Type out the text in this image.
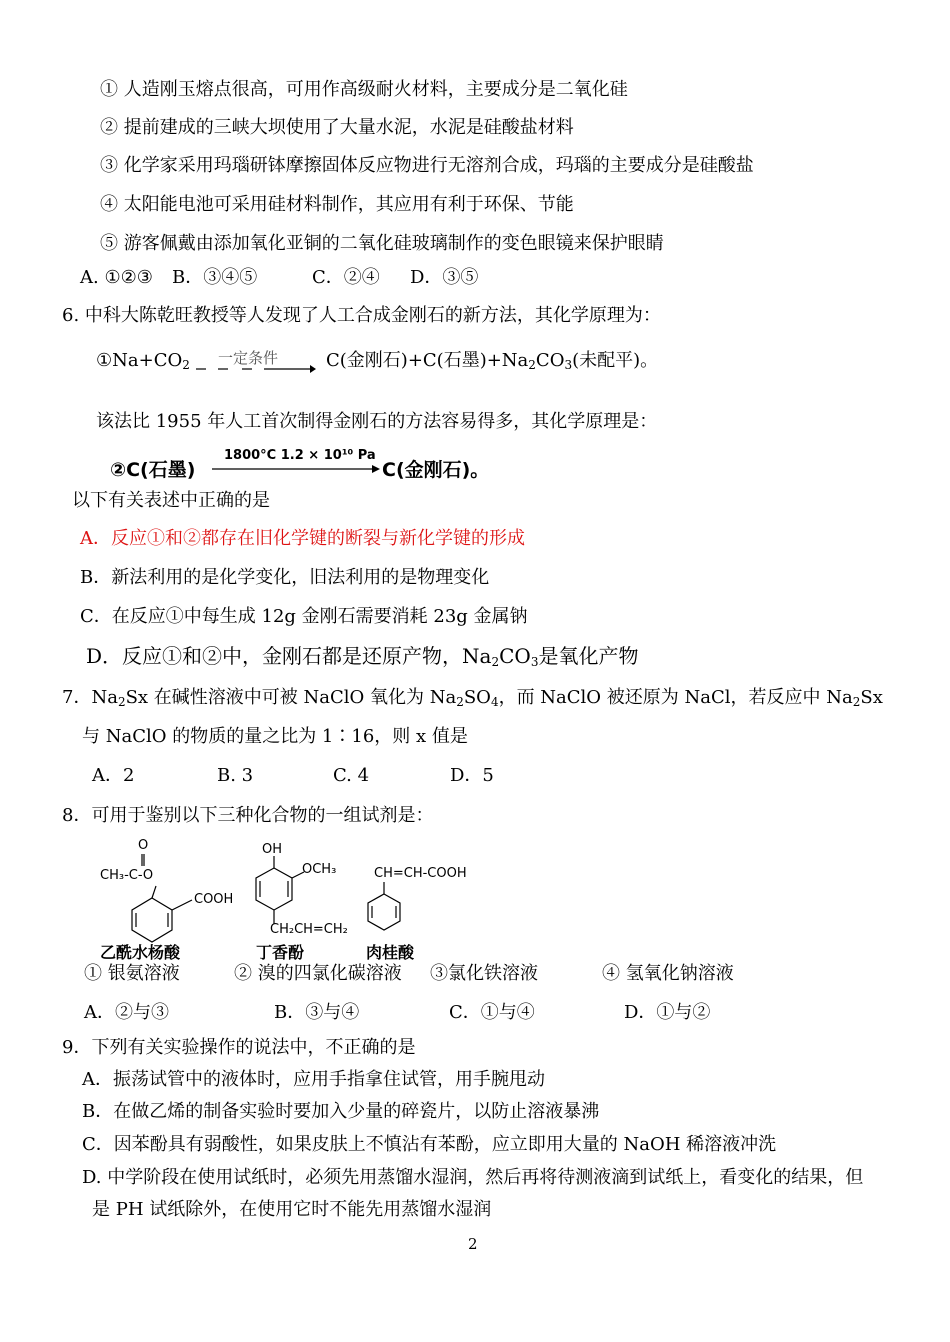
① 人造刚玉熔点很高，可用作高级耐火材料，主要成分是二氧化硅
② 提前建成的三峡大坝使用了大量水泥，水泥是硅酸盐材料
③ 化学家采用玛瑙研钵摩擦固体反应物进行无溶剂合成，玛瑙的主要成分是硅酸盐
④ 太阳能电池可采用硅材料制作，其应用有利于环保、节能
⑤ 游客佩戴由添加氧化亚铜的二氧化硅玻璃制作的变色眼镜来保护眼睛
A. ①②③ B．③④⑤	C．②④ D．③⑤
6. 中科大陈乾旺教授等人发现了人工合成金刚石的新方法，其化学原理为：
$①Na+CO_2$ 一定条件	C(金刚石)+C(石墨)$+Na_2CO_3$(未配平)。
该法比 1955 年人工首次制得金刚石的方法容易得多，其化学原理是：
②C(石墨)
1800°C 1.2 × 10¹⁰ Pa
C(金刚石)。
以下有关表述中正确的是
A．反应①和②都存在旧化学键的断裂与新化学键的形成
B．新法利用的是化学变化，旧法利用的是物理变化
C．在反应①中每生成 12g 金刚石需要消耗 23g 金属钠
D．反应①和②中，金刚石都是还原产物，$Na_2CO_3$是氧化产物
7．$Na_2Sx$ 在碱性溶液中可被 NaClO 氧化为 $Na_2SO_4$，而 NaClO 被还原为 NaCl，若反应中 $Na_2Sx$
与 NaClO 的物质的量之比为 1∶16，则 x 值是
A．2	B. 3	C. 4	D．5
8．可用于鉴别以下三种化合物的一组试剂是：
O
CH₃-C-O
COOH
乙酰水杨酸
OH
OCH₃
CH₂CH=CH₂
丁香酚
CH=CH-COOH
肉桂酸
① 银氨溶液	② 溴的四氯化碳溶液 ③氯化铁溶液	④ 氢氧化钠溶液
A．②与③	B．③与④	C．①与④	D．①与②
9．下列有关实验操作的说法中，不正确的是
A．振荡试管中的液体时，应用手指拿住试管，用手腕甩动
B．在做乙烯的制备实验时要加入少量的碎瓷片，以防止溶液暴沸
C．因苯酚具有弱酸性，如果皮肤上不慎沾有苯酚，应立即用大量的 NaOH 稀溶液冲洗
D. 中学阶段在使用试纸时，必须先用蒸馏水湿润，然后再将待测液滴到试纸上，看变化的结果，但
是 PH 试纸除外，在使用它时不能先用蒸馏水湿润
2
